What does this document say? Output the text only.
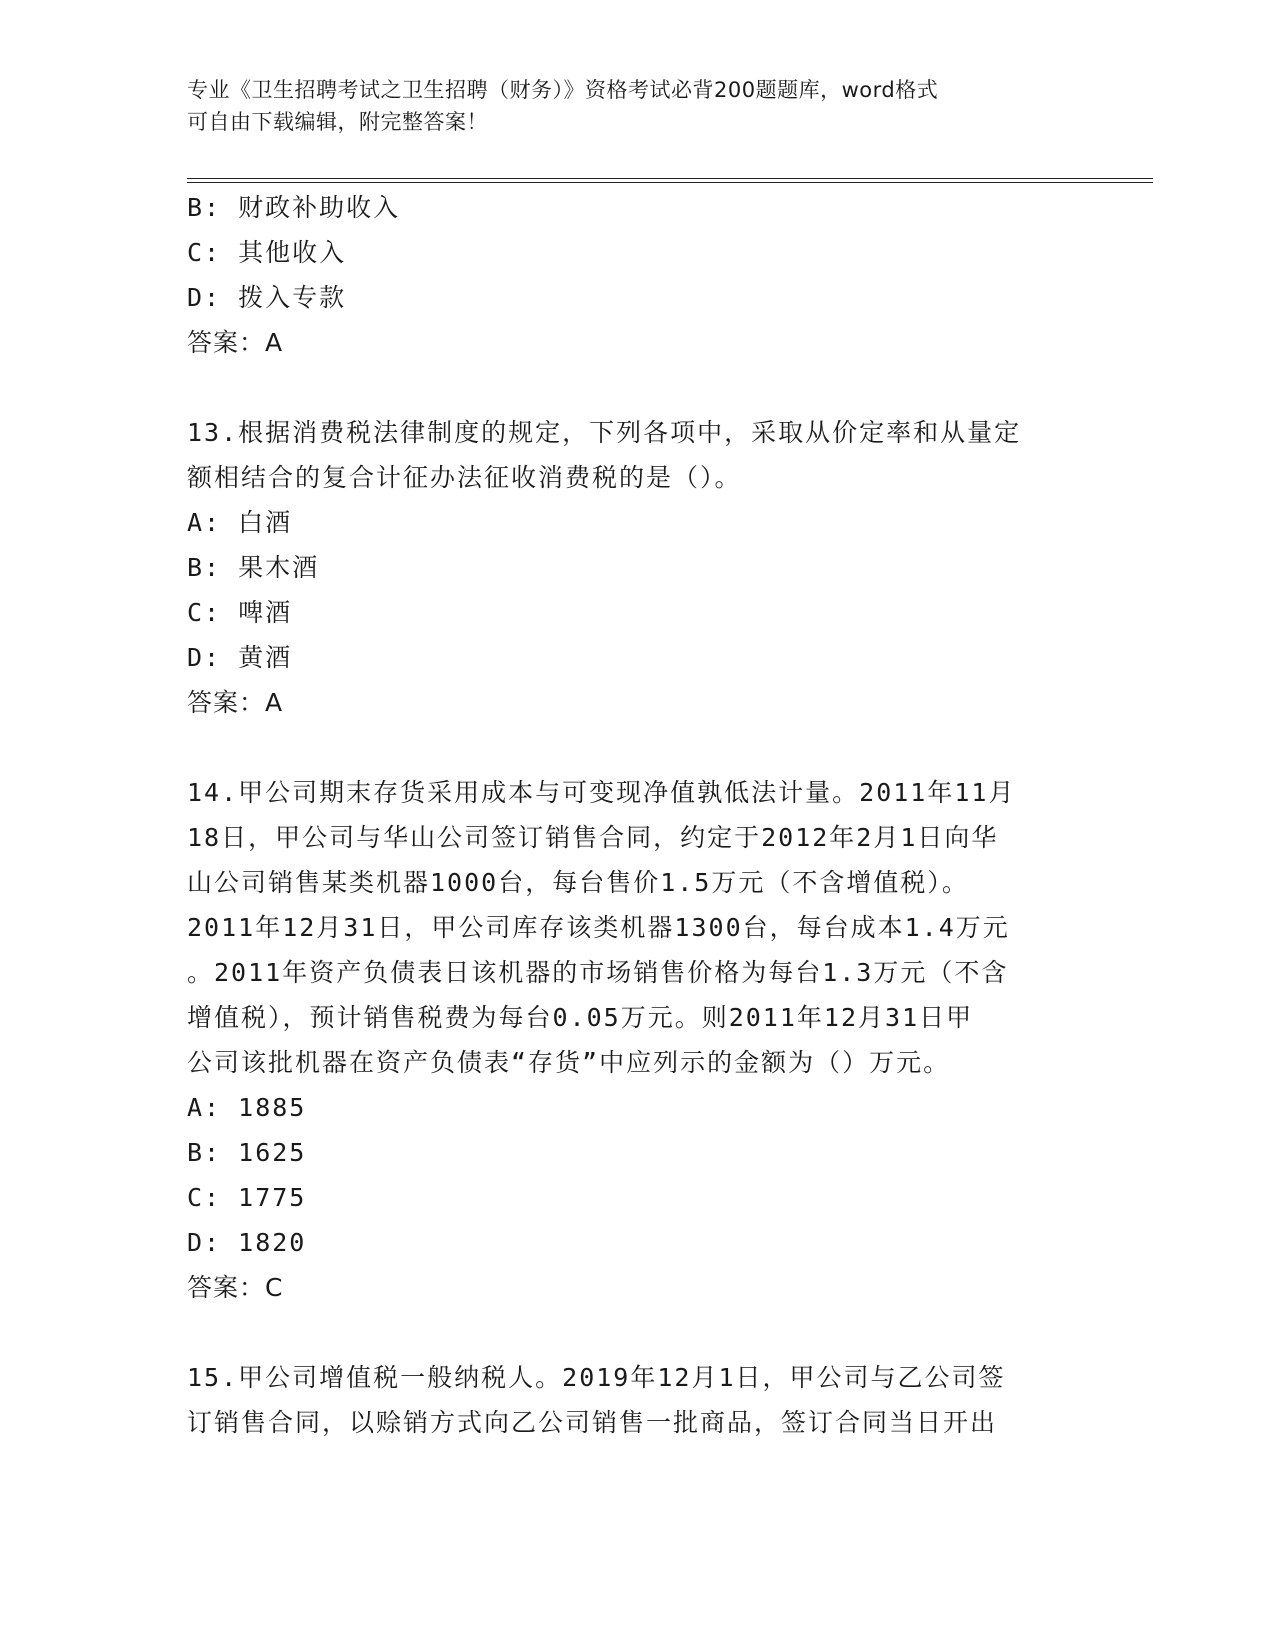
专业《卫生招聘考试之卫生招聘（财务）》资格考试必背200题题库，word格式
可自由下载编辑，附完整答案！
B: 财政补助收入
C: 其他收入
D: 拨入专款
答案：A
13.根据消费税法律制度的规定，下列各项中，采取从价定率和从量定
额相结合的复合计征办法征收消费税的是（）。
A: 白酒
B: 果木酒
C: 啤酒
D: 黄酒
答案：A
14.甲公司期末存货采用成本与可变现净值孰低法计量。2011年11月
18日，甲公司与华山公司签订销售合同，约定于2012年2月1日向华
山公司销售某类机器1000台，每台售价1.5万元（不含增值税）。
2011年12月31日，甲公司库存该类机器1300台，每台成本1.4万元
。2011年资产负债表日该机器的市场销售价格为每台1.3万元（不含
增值税），预计销售税费为每台0.05万元。则2011年12月31日甲
公司该批机器在资产负债表“存货”中应列示的金额为（）万元。
A: 1885
B: 1625
C: 1775
D: 1820
答案：C
15.甲公司增值税一般纳税人。2019年12月1日，甲公司与乙公司签
订销售合同，以赊销方式向乙公司销售一批商品，签订合同当日开出
